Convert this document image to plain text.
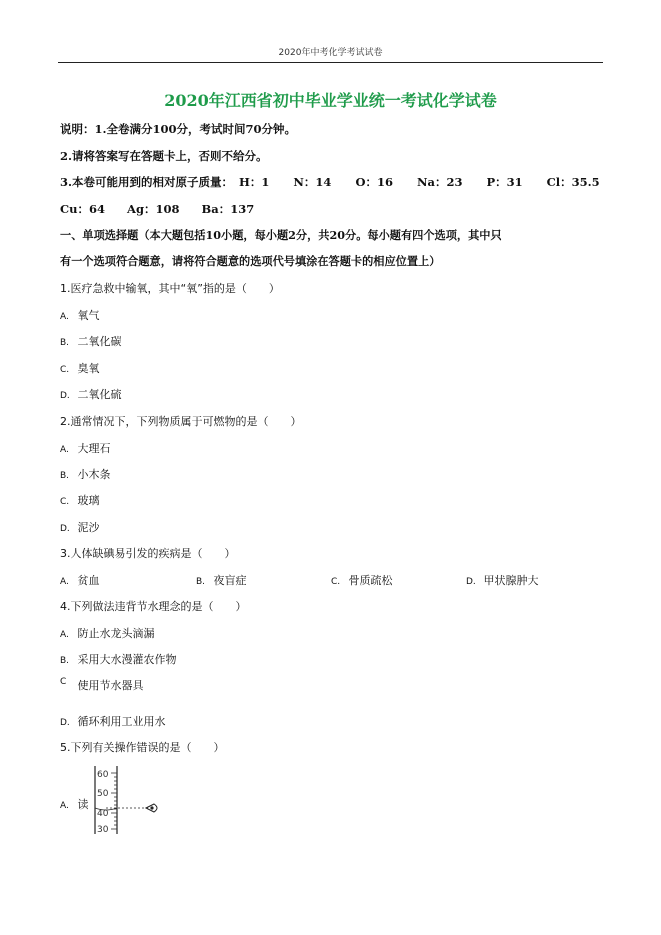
2020年中考化学考试试卷
2020年江西省初中毕业学业统一考试化学试卷
说明：1.全卷满分100分，考试时间70分钟。
2.请将答案写在答题卡上，否则不给分。
3.本卷可能用到的相对原子质量： H：1 N：14 O：16 Na：23 P：31 Cl：35.5
Cu：64 Ag：108 Ba：137
一、单项选择题（本大题包括10小题，每小题2分，共20分。每小题有四个选项，其中只
有一个选项符合题意，请将符合题意的选项代号填涂在答题卡的相应位置上）
1.医疗急救中输氧，其中“氧”指的是（　　）
A. 氧气
B. 二氧化碳
C. 臭氧
D. 二氧化硫
2.通常情况下，下列物质属于可燃物的是（　　）
A. 大理石
B. 小木条
C. 玻璃
D. 泥沙
3.人体缺碘易引发的疾病是（　　）
A. 贫血	B. 夜盲症	C. 骨质疏松	D. 甲状腺肿大
4.下列做法违背节水理念的是（　　）
A. 防止水龙头滴漏
B. 采用大水漫灌农作物
C 使用节水器具
D. 循环利用工业用水
5.下列有关操作错误的是（　　）
A. 读
60
50
40
30
